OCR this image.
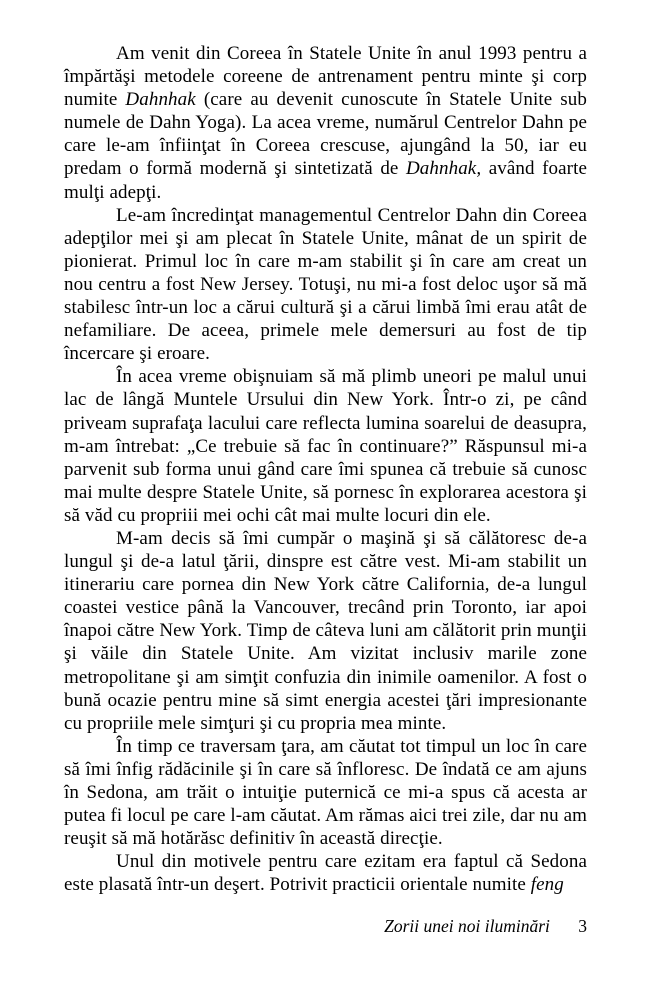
Am venit din Coreea în Statele Unite în anul 1993 pentru a împărtăşi metodele coreene de antrenament pentru minte şi corp numite Dahnhak (care au devenit cunoscute în Statele Unite sub numele de Dahn Yoga). La acea vreme, numărul Centrelor Dahn pe care le-am înfiinţat în Coreea crescuse, ajungând la 50, iar eu predam o formă modernă şi sintetizată de Dahnhak, având foarte mulţi adepţi.

Le-am încredinţat managementul Centrelor Dahn din Coreea adepţilor mei şi am plecat în Statele Unite, mânat de un spirit de pionierat. Primul loc în care m-am stabilit şi în care am creat un nou centru a fost New Jersey. Totuşi, nu mi-a fost deloc uşor să mă stabilesc într-un loc a cărui cultură şi a cărui limbă îmi erau atât de nefamiliare. De aceea, primele mele demersuri au fost de tip încercare şi eroare.

În acea vreme obişnuiam să mă plimb uneori pe malul unui lac de lângă Muntele Ursului din New York. Într-o zi, pe când priveam suprafaţa lacului care reflecta lumina soarelui de deasupra, m-am întrebat: „Ce trebuie să fac în continuare?” Răspunsul mi-a parvenit sub forma unui gând care îmi spunea că trebuie să cunosc mai multe despre Statele Unite, să pornesc în explorarea acestora şi să văd cu propriii mei ochi cât mai multe locuri din ele.

M-am decis să îmi cumpăr o maşină şi să călătoresc de-a lungul şi de-a latul ţării, dinspre est către vest. Mi-am stabilit un itinerariu care pornea din New York către California, de-a lungul coastei vestice până la Vancouver, trecând prin Toronto, iar apoi înapoi către New York. Timp de câteva luni am călătorit prin munţii şi văile din Statele Unite. Am vizitat inclusiv marile zone metropolitane şi am simţit confuzia din inimile oamenilor. A fost o bună ocazie pentru mine să simt energia acestei ţări impresionante cu propriile mele simţuri şi cu propria mea minte.

În timp ce traversam ţara, am căutat tot timpul un loc în care să îmi înfig rădăcinile şi în care să înfloresc. De îndată ce am ajuns în Sedona, am trăit o intuiţie puternică ce mi-a spus că acesta ar putea fi locul pe care l-am căutat. Am rămas aici trei zile, dar nu am reuşit să mă hotărăsc definitiv în această direcţie.

Unul din motivele pentru care ezitam era faptul că Sedona este plasată într-un deşert. Potrivit practicii orientale numite feng

Zorii unei noi iluminări 3
